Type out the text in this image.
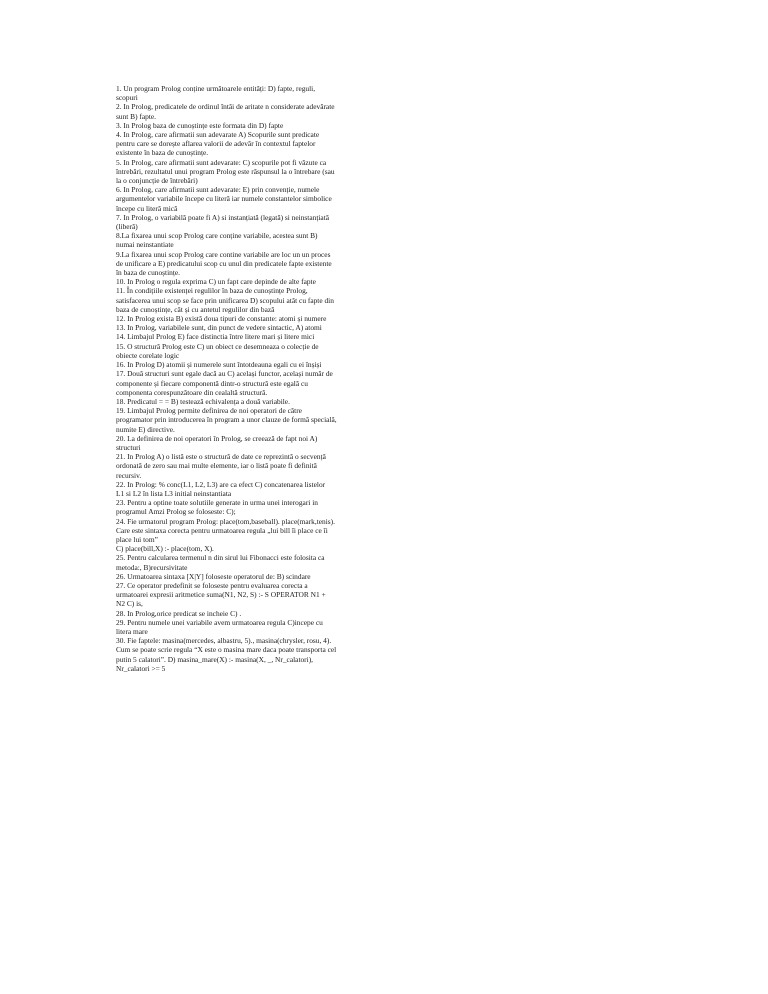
1. Un program Prolog conține următoarele entități: D) fapte, reguli,
scopuri
2. In Prolog, predicatele de ordinul întâi de aritate n considerate adevărate
sunt B) fapte.
3. In Prolog baza de cunoștințe este formata din D) fapte
4. In Prolog, care afirmatii sun adevarate A) Scopurile sunt predicate
pentru care se dorește aflarea valorii de adevăr în contextul faptelor
existente în baza de cunoștințe.
5. In Prolog, care afirmatii sunt adevarate: C) scopurile pot fi văzute ca
întrebări, rezultatul unui program Prolog este răspunsul la o întrebare (sau
la o conjuncție de întrebări)
6. In Prolog, care afirmatii sunt adevarate: E) prin convenție, numele
argumentelor variabile începe cu literă iar numele constantelor simbolice
începe cu literă mică
7. In Prolog, o variabilă poate fi A) si instanțiată (legată) si neinstanțiată
(liberă)
8.La fixarea unui scop Prolog care conține variabile, acestea sunt B)
numai neinstantiate
9.La fixarea unui scop Prolog care contine variabile are loc un un proces
de unificare a E) predicatului scop cu unul din predicatele fapte existente
în baza de cunoștințe.
10. In Prolog o regula exprima C) un fapt care depinde de alte fapte
11. În condițiile existenței regulilor în baza de cunoștințe Prolog,
satisfacerea unui scop se face prin unificarea D) scopului atât cu fapte din
baza de cunoștințe, cât și cu antetul regulilor din bază
12. In Prolog exista B) există doua tipuri de constante: atomi și numere
13. In Prolog, variabilele sunt, din punct de vedere sintactic, A) atomi
14. Limbajul Prolog E) face distinctia între litere mari și litere mici
15. O structură Prolog este C) un obiect ce desemneaza o colecție de
obiecte corelate logic
16. In Prolog D) atomii și numerele sunt întotdeauna egali cu ei înșiși
17. Două structuri sunt egale dacă au C) același functor, același număr de
componente și fiecare componentă dintr-o structură este egală cu
componenta corespunzătoare din cealaltă structură.
18. Predicatul = = B) testează echivalența a două variabile.
19. Limbajul Prolog permite definirea de noi operatori de către
programator prin introducerea în program a unor clauze de formă specială,
numite E) directive.
20. La definirea de noi operatori în Prolog, se creează de fapt noi A)
structuri
21. In Prolog A) o listă este o structură de date ce reprezintă o secvență
ordonată de zero sau mai multe elemente, iar o listă poate fi definită
recursiv.
22. In Prolog: % conc(L1, L2, L3) are ca efect C) concatenarea listelor
L1 si L2 în lista L3 initial neinstantiata
23. Pentru a optine toate solutiile generate in urma unei interogari in
programul Amzi Prolog se foloseste: C);
24. Fie urmatorul program Prolog: place(tom,baseball). place(mark,tenis).
Care este sintaxa corecta pentru urmatoarea regula „lui bill îi place ce îi
place lui tom”
C) place(bill,X) :- place(tom, X).
25. Pentru calcularea termenul n din sirul lui Fibonacci este folosita ca
metoda:, B)recursivitate
26. Urmatoarea sintaxa [X|Y] foloseste operatorul de: B) scindare
27. Ce operator predefinit se foloseste pentru evaluarea corecta a
urmatoarei expresii aritmetice suma(N1, N2, S) :- S OPERATOR N1 +
N2 C) is,
28. In Prolog,orice predicat se incheie C) .
29. Pentru numele unei variabile avem urmatoarea regula C)incepe cu
litera mare
30. Fie faptele: masina(mercedes, albastru, 5)., masina(chrysler, rosu, 4).
Cum se poate scrie regula “X este o masina mare daca poate transporta cel
putin 5 calatori”. D) masina_mare(X) :- masina(X, _, Nr_calatori),
Nr_calatori >= 5
